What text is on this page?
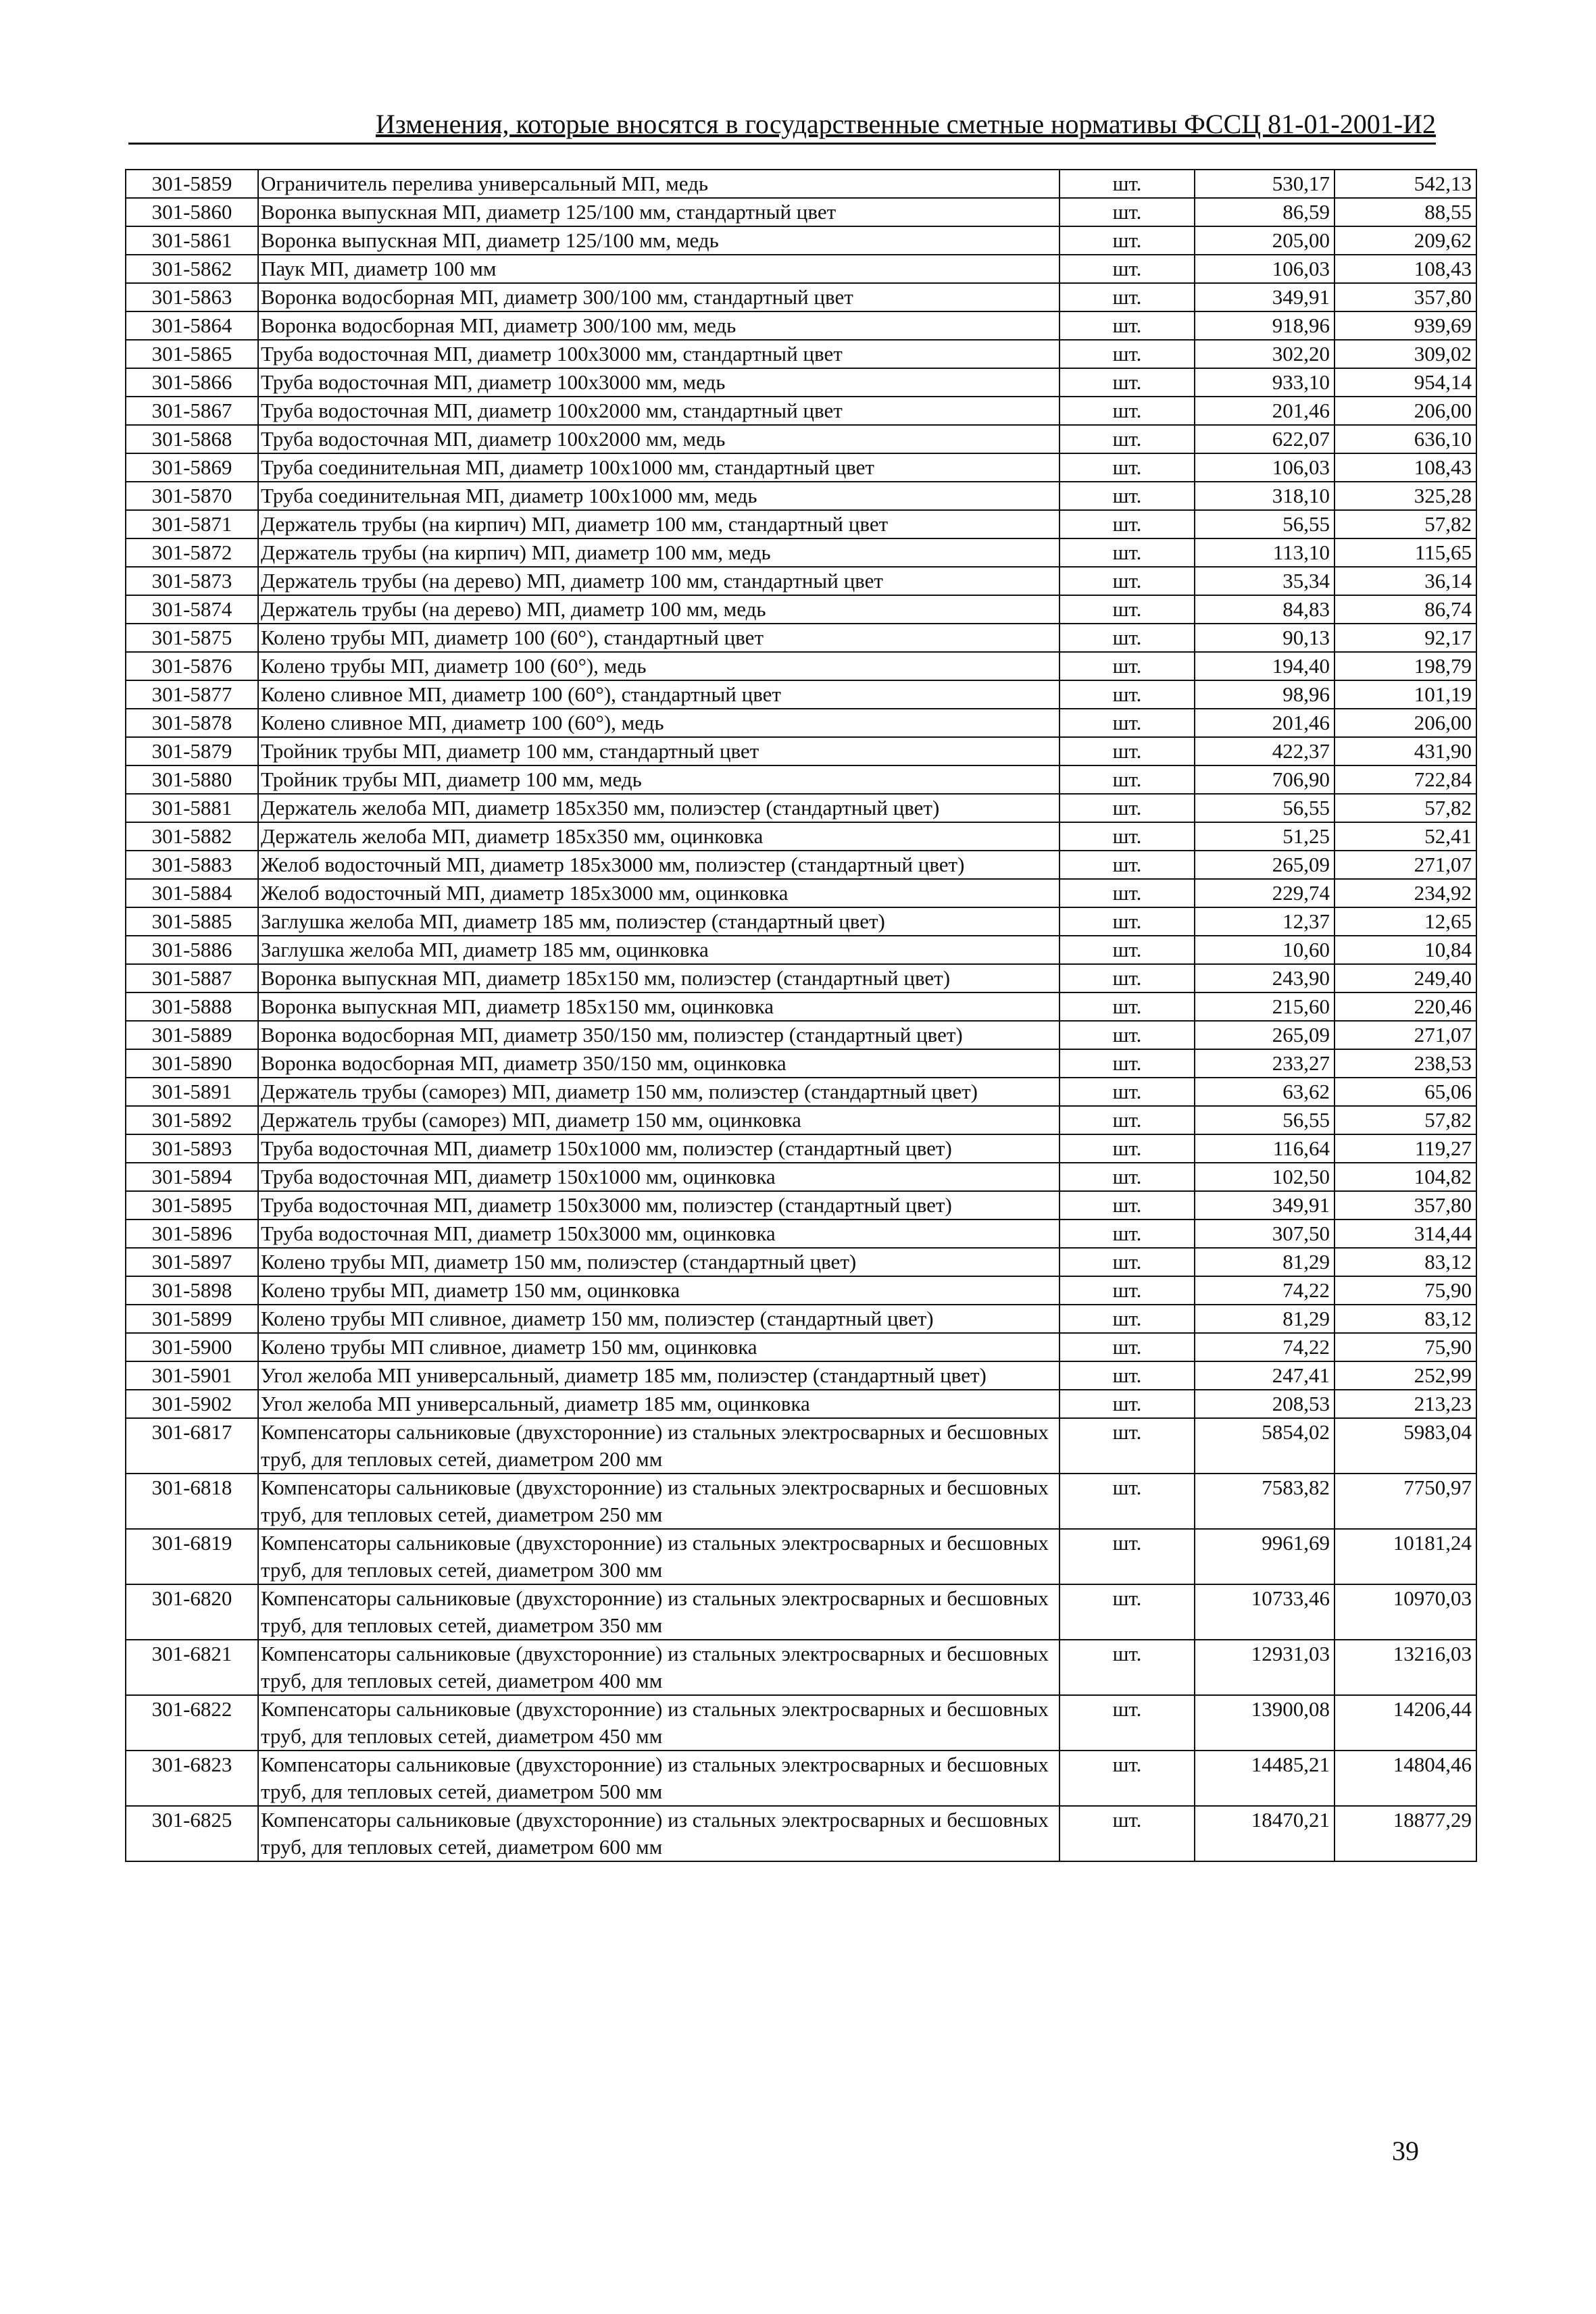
Изменения, которые вносятся в государственные сметные нормативы ФССЦ 81-01-2001-И2
301-5859	Ограничитель перелива универсальный МП, медь	шт.	530,17	542,13
301-5860	Воронка выпускная МП, диаметр 125/100 мм, стандартный цвет	шт.	86,59	88,55
301-5861	Воронка выпускная МП, диаметр 125/100 мм, медь	шт.	205,00	209,62
301-5862	Паук МП, диаметр 100 мм	шт.	106,03	108,43
301-5863	Воронка водосборная МП, диаметр 300/100 мм, стандартный цвет	шт.	349,91	357,80
301-5864	Воронка водосборная МП, диаметр 300/100 мм, медь	шт.	918,96	939,69
301-5865	Труба водосточная МП, диаметр 100х3000 мм, стандартный цвет	шт.	302,20	309,02
301-5866	Труба водосточная МП, диаметр 100х3000 мм, медь	шт.	933,10	954,14
301-5867	Труба водосточная МП, диаметр 100х2000 мм, стандартный цвет	шт.	201,46	206,00
301-5868	Труба водосточная МП, диаметр 100х2000 мм, медь	шт.	622,07	636,10
301-5869	Труба соединительная МП, диаметр 100х1000 мм, стандартный цвет	шт.	106,03	108,43
301-5870	Труба соединительная МП, диаметр 100х1000 мм, медь	шт.	318,10	325,28
301-5871	Держатель трубы (на кирпич) МП, диаметр 100 мм, стандартный цвет	шт.	56,55	57,82
301-5872	Держатель трубы (на кирпич) МП, диаметр 100 мм, медь	шт.	113,10	115,65
301-5873	Держатель трубы (на дерево) МП, диаметр 100 мм, стандартный цвет	шт.	35,34	36,14
301-5874	Держатель трубы (на дерево) МП, диаметр 100 мм, медь	шт.	84,83	86,74
301-5875	Колено трубы МП, диаметр 100 (60°), стандартный цвет	шт.	90,13	92,17
301-5876	Колено трубы МП, диаметр 100 (60°), медь	шт.	194,40	198,79
301-5877	Колено сливное МП, диаметр 100 (60°), стандартный цвет	шт.	98,96	101,19
301-5878	Колено сливное МП, диаметр 100 (60°), медь	шт.	201,46	206,00
301-5879	Тройник трубы МП, диаметр 100 мм, стандартный цвет	шт.	422,37	431,90
301-5880	Тройник трубы МП, диаметр 100 мм, медь	шт.	706,90	722,84
301-5881	Держатель желоба МП, диаметр 185х350 мм, полиэстер (стандартный цвет)	шт.	56,55	57,82
301-5882	Держатель желоба МП, диаметр 185х350 мм, оцинковка	шт.	51,25	52,41
301-5883	Желоб водосточный МП, диаметр 185х3000 мм, полиэстер (стандартный цвет)	шт.	265,09	271,07
301-5884	Желоб водосточный МП, диаметр 185х3000 мм, оцинковка	шт.	229,74	234,92
301-5885	Заглушка желоба МП, диаметр 185 мм, полиэстер (стандартный цвет)	шт.	12,37	12,65
301-5886	Заглушка желоба МП, диаметр 185 мм, оцинковка	шт.	10,60	10,84
301-5887	Воронка выпускная МП, диаметр 185х150 мм, полиэстер (стандартный цвет)	шт.	243,90	249,40
301-5888	Воронка выпускная МП, диаметр 185х150 мм, оцинковка	шт.	215,60	220,46
301-5889	Воронка водосборная МП, диаметр 350/150 мм, полиэстер (стандартный цвет)	шт.	265,09	271,07
301-5890	Воронка водосборная МП, диаметр 350/150 мм, оцинковка	шт.	233,27	238,53
301-5891	Держатель трубы (саморез) МП, диаметр 150 мм, полиэстер (стандартный цвет)	шт.	63,62	65,06
301-5892	Держатель трубы (саморез) МП, диаметр 150 мм, оцинковка	шт.	56,55	57,82
301-5893	Труба водосточная МП, диаметр 150х1000 мм, полиэстер (стандартный цвет)	шт.	116,64	119,27
301-5894	Труба водосточная МП, диаметр 150х1000 мм, оцинковка	шт.	102,50	104,82
301-5895	Труба водосточная МП, диаметр 150х3000 мм, полиэстер (стандартный цвет)	шт.	349,91	357,80
301-5896	Труба водосточная МП, диаметр 150х3000 мм, оцинковка	шт.	307,50	314,44
301-5897	Колено трубы МП, диаметр 150 мм, полиэстер (стандартный цвет)	шт.	81,29	83,12
301-5898	Колено трубы МП, диаметр 150 мм, оцинковка	шт.	74,22	75,90
301-5899	Колено трубы МП сливное, диаметр 150 мм, полиэстер (стандартный цвет)	шт.	81,29	83,12
301-5900	Колено трубы МП сливное, диаметр 150 мм, оцинковка	шт.	74,22	75,90
301-5901	Угол желоба МП универсальный, диаметр 185 мм, полиэстер (стандартный цвет)	шт.	247,41	252,99
301-5902	Угол желоба МП универсальный, диаметр 185 мм, оцинковка	шт.	208,53	213,23
301-6817	Компенсаторы сальниковые (двухсторонние) из стальных электросварных и бесшовных труб, для тепловых сетей, диаметром 200 мм	шт.	5854,02	5983,04
301-6818	Компенсаторы сальниковые (двухсторонние) из стальных электросварных и бесшовных труб, для тепловых сетей, диаметром 250 мм	шт.	7583,82	7750,97
301-6819	Компенсаторы сальниковые (двухсторонние) из стальных электросварных и бесшовных труб, для тепловых сетей, диаметром 300 мм	шт.	9961,69	10181,24
301-6820	Компенсаторы сальниковые (двухсторонние) из стальных электросварных и бесшовных труб, для тепловых сетей, диаметром 350 мм	шт.	10733,46	10970,03
301-6821	Компенсаторы сальниковые (двухсторонние) из стальных электросварных и бесшовных труб, для тепловых сетей, диаметром 400 мм	шт.	12931,03	13216,03
301-6822	Компенсаторы сальниковые (двухсторонние) из стальных электросварных и бесшовных труб, для тепловых сетей, диаметром 450 мм	шт.	13900,08	14206,44
301-6823	Компенсаторы сальниковые (двухсторонние) из стальных электросварных и бесшовных труб, для тепловых сетей, диаметром 500 мм	шт.	14485,21	14804,46
301-6825	Компенсаторы сальниковые (двухсторонние) из стальных электросварных и бесшовных труб, для тепловых сетей, диаметром 600 мм	шт.	18470,21	18877,29
39
